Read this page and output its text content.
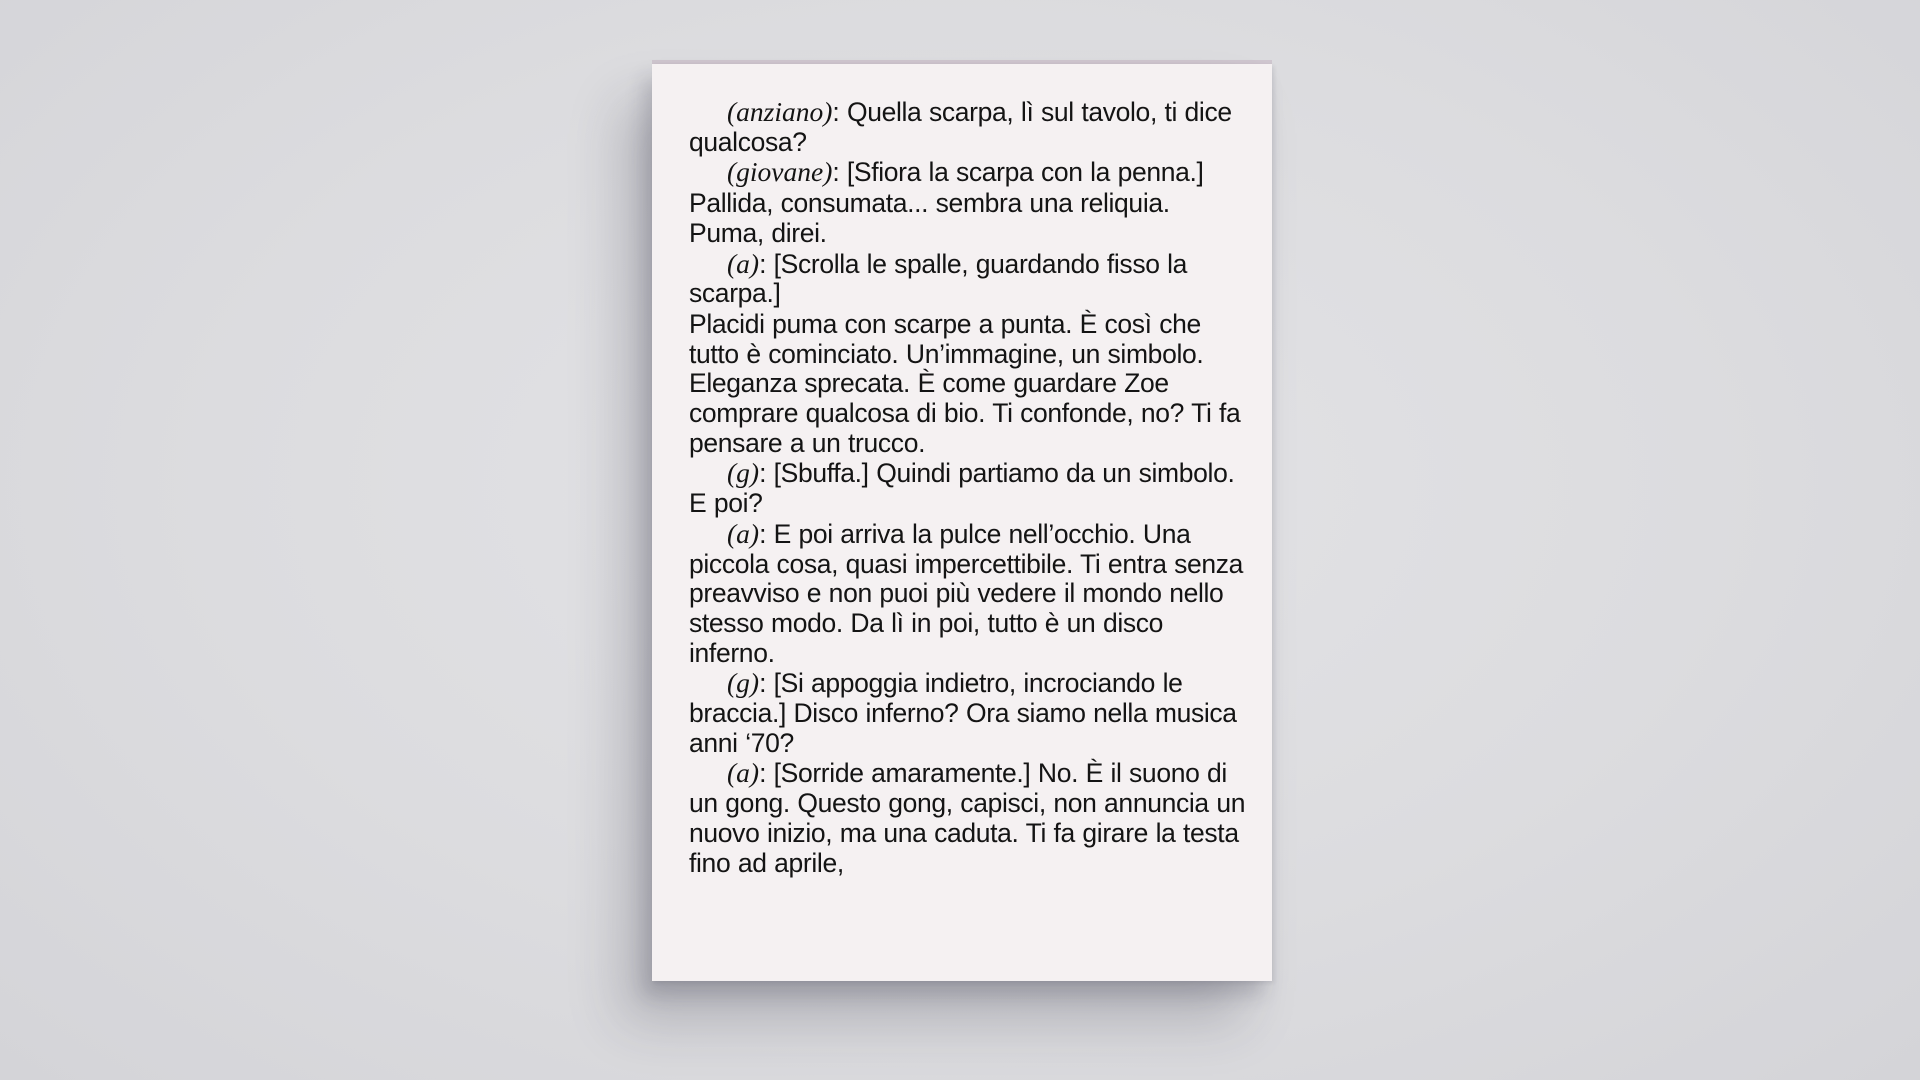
(anziano): Quella scarpa, lì sul tavolo, ti dice qualcosa?

(giovane): [Sfiora la scarpa con la penna.]

Pallida, consumata... sembra una reliquia. Puma, direi.

(a): [Scrolla le spalle, guardando fisso la scarpa.]

Placidi puma con scarpe a punta. È così che tutto è cominciato. Un’immagine, un simbolo. Eleganza sprecata. È come guardare Zoe comprare qualcosa di bio. Ti confonde, no? Ti fa pensare a un trucco.

(g): [Sbuffa.] Quindi partiamo da un simbolo. E poi?

(a): E poi arriva la pulce nell’occhio. Una piccola cosa, quasi impercettibile. Ti entra senza preavviso e non puoi più vedere il mondo nello stesso modo. Da lì in poi, tutto è un disco inferno.

(g): [Si appoggia indietro, incrociando le braccia.] Disco inferno? Ora siamo nella musica anni ‘70?

(a): [Sorride amaramente.] No. È il suono di un gong. Questo gong, capisci, non annuncia un nuovo inizio, ma una caduta. Ti fa girare la testa fino ad aprile,
